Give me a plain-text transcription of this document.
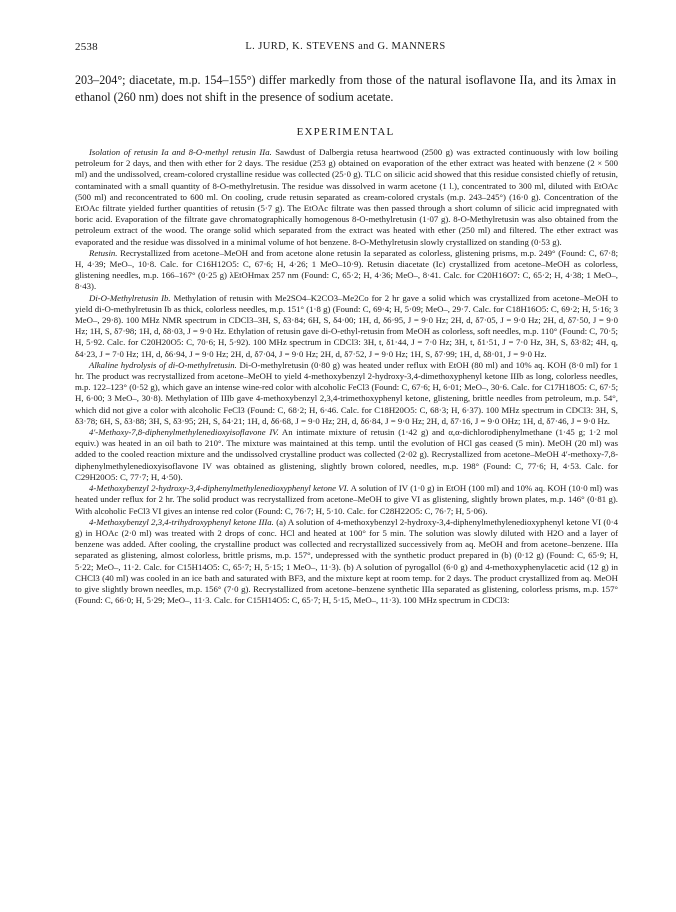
2538	L. JURD, K. STEVENS and G. MANNERS
203–204°; diacetate, m.p. 154–155°) differ markedly from those of the natural isoflavone IIa, and its λmax in ethanol (260 nm) does not shift in the presence of sodium acetate.
EXPERIMENTAL

Isolation of retusin Ia and 8-O-methyl retusin IIa. Sawdust of Dalbergia retusa heartwood (2500 g) was extracted continuously with low boiling petroleum for 2 days, and then with ether for 2 days. The residue (253 g) obtained on evaporation of the ether extract was heated with benzene (2 × 500 ml) and the undissolved, cream-colored crystalline residue was collected (25·0 g). TLC on silicic acid showed that this residue consisted chiefly of retusin, contaminated with a small quantity of 8-O-methylretusin. The residue was dissolved in warm acetone (1 l.), concentrated to 300 ml, diluted with EtOAc (500 ml) and reconcentrated to 600 ml. On cooling, crude retusin separated as cream-colored crystals (m.p. 243–245°) (16·0 g). Concentration of the EtOAc filtrate yielded further quantities of retusin (5·7 g). The EtOAc filtrate was then passed through a short column of silicic acid impregnated with boric acid. Evaporation of the filtrate gave chromatographically homogenous 8-O-methylretusin (1·07 g). 8-O-Methylretusin was also obtained from the petroleum extract of the wood. The orange solid which separated from the extract was heated with ether (250 ml) and filtered. The ether extract was evaporated and the residue was dissolved in a minimal volume of hot benzene. 8-O-Methylretusin slowly crystallized on standing (0·53 g).

Retusin. Recrystallized from acetone–MeOH and from acetone alone retusin Ia separated as colorless, glistening prisms, m.p. 249° (Found: C, 67·8; H, 4·39; MeO–, 10·8. Calc. for C16H12O5: C, 67·6; H, 4·26; 1 MeO–10·9). Retusin diacetate (Ic) crystallized from acetone–MeOH as colorless, glistening needles, m.p. 166–167° (0·25 g) λEtOHmax 257 nm (Found: C, 65·2; H, 4·36; MeO–, 8·41. Calc. for C20H16O7: C, 65·2; H, 4·38; 1 MeO–, 8·43).

Di-O-Methylretusin Ib. Methylation of retusin with Me2SO4–K2CO3–Me2Co for 2 hr gave a solid which was crystallized from acetone–MeOH to yield di-O-methylretusin Ib as thick, colorless needles, m.p. 151° (1·8 g) (Found: C, 69·4; H, 5·09; MeO–, 29·7. Calc. for C18H16O5: C, 69·2; H, 5·16; 3 MeO–, 29·8). 100 MHz NMR spectrum in CDCl3–3H, S, δ3·84; 6H, S, δ4·00; 1H, d, δ6·95, J = 9·0 Hz; 2H, d, δ7·05, J = 9·0 Hz; 2H, d, δ7·50, J = 9·0 Hz; 1H, S, δ7·98; 1H, d, δ8·03, J = 9·0 Hz. Ethylation of retusin gave di-O-ethyl-retusin from MeOH as colorless, soft needles, m.p. 110° (Found: C, 70·5; H, 5·92. Calc. for C20H20O5: C, 70·6; H, 5·92). 100 MHz spectrum in CDCl3: 3H, t, δ1·44, J = 7·0 Hz; 3H, t, δ1·51, J = 7·0 Hz, 3H, S, δ3·82; 4H, q, δ4·23, J = 7·0 Hz; 1H, d, δ6·94, J = 9·0 Hz; 2H, d, δ7·04, J = 9·0 Hz; 2H, d, δ7·52, J = 9·0 Hz; 1H, S, δ7·99; 1H, d, δ8·01, J = 9·0 Hz.

Alkaline hydrolysis of di-O-methylretusin. Di-O-methylretusin (0·80 g) was heated under reflux with EtOH (80 ml) and 10% aq. KOH (8·0 ml) for 1 hr. The product was recrystallized from acetone–MeOH to yield 4-methoxybenzyl 2-hydroxy-3,4-dimethoxyphenyl ketone IIIb as long, colorless needles, m.p. 122–123° (0·52 g), which gave an intense wine-red color with alcoholic FeCl3 (Found: C, 67·6; H, 6·01; MeO–, 30·6. Calc. for C17H18O5: C, 67·5; H, 6·00; 3 MeO–, 30·8). Methylation of IIIb gave 4-methoxybenzyl 2,3,4-trimethoxyphenyl ketone, glistening, brittle needles from petroleum, m.p. 54°, which did not give a color with alcoholic FeCl3 (Found: C, 68·2; H, 6·46. Calc. for C18H20O5: C, 68·3; H, 6·37). 100 MHz spectrum in CDCl3: 3H, S, δ3·78; 6H, S, δ3·88; 3H, S, δ3·95; 2H, S, δ4·21; 1H, d, δ6·68, J = 9·0 Hz; 2H, d, δ6·84, J = 9·0 Hz; 2H, d, δ7·16, J = 9·0 OHz; 1H, d, δ7·46, J = 9·0 Hz.

4′-Methoxy-7,8-diphenylmethylenedioxyisoflavone IV. An intimate mixture of retusin (1·42 g) and α,α-dichlorodiphenylmethane (1·45 g; 1·2 mol equiv.) was heated in an oil bath to 210°. The mixture was maintained at this temp. until the evolution of HCl gas ceased (5 min). MeOH (20 ml) was added to the cooled reaction mixture and the undissolved crystalline product was collected (2·02 g). Recrystallized from acetone–MeOH 4′-methoxy-7,8-diphenylmethylenedioxyisoflavone IV was obtained as glistening, slightly brown colored, needles, m.p. 198° (Found: C, 77·6; H, 4·53. Calc. for C29H20O5: C, 77·7; H, 4·50).

4-Methoxybenzyl 2-hydroxy-3,4-diphenylmethylenedioxyphenyl ketone VI. A solution of IV (1·0 g) in EtOH (100 ml) and 10% aq. KOH (10·0 ml) was heated under reflux for 2 hr. The solid product was recrystallized from acetone–MeOH to give VI as glistening, slightly brown plates, m.p. 146° (0·81 g). With alcoholic FeCl3 VI gives an intense red color (Found: C, 76·7; H, 5·10. Calc. for C28H22O5: C, 76·7; H, 5·06).

4-Methoxybenzyl 2,3,4-trihydroxyphenyl ketone IIIa. (a) A solution of 4-methoxybenzyl 2-hydroxy-3,4-diphenylmethylenedioxyphenyl ketone VI (0·4 g) in HOAc (2·0 ml) was treated with 2 drops of conc. HCl and heated at 100° for 5 min. The solution was slowly diluted with H2O and a layer of benzene was added. After cooling, the crystalline product was collected and recrystallized successively from aq. MeOH and from acetone–benzene. IIIa separated as glistening, almost colorless, brittle prisms, m.p. 157°, undepressed with the synthetic product prepared in (b) (0·12 g) (Found: C, 65·9; H, 5·22; MeO–, 11·2. Calc. for C15H14O5: C, 65·7; H, 5·15; 1 MeO–, 11·3). (b) A solution of pyrogallol (6·0 g) and 4-methoxyphenylacetic acid (12 g) in CHCl3 (40 ml) was cooled in an ice bath and saturated with BF3, and the mixture kept at room temp. for 2 days. The product crystallized from aq. MeOH to give slightly brown needles, m.p. 156° (7·0 g). Recrystallized from acetone–benzene synthetic IIIa separated as glistening, colorless prisms, m.p. 157° (Found: C, 66·0; H, 5·29; MeO–, 11·3. Calc. for C15H14O5: C, 65·7; H, 5·15, MeO–, 11·3). 100 MHz spectrum in CDCl3:
